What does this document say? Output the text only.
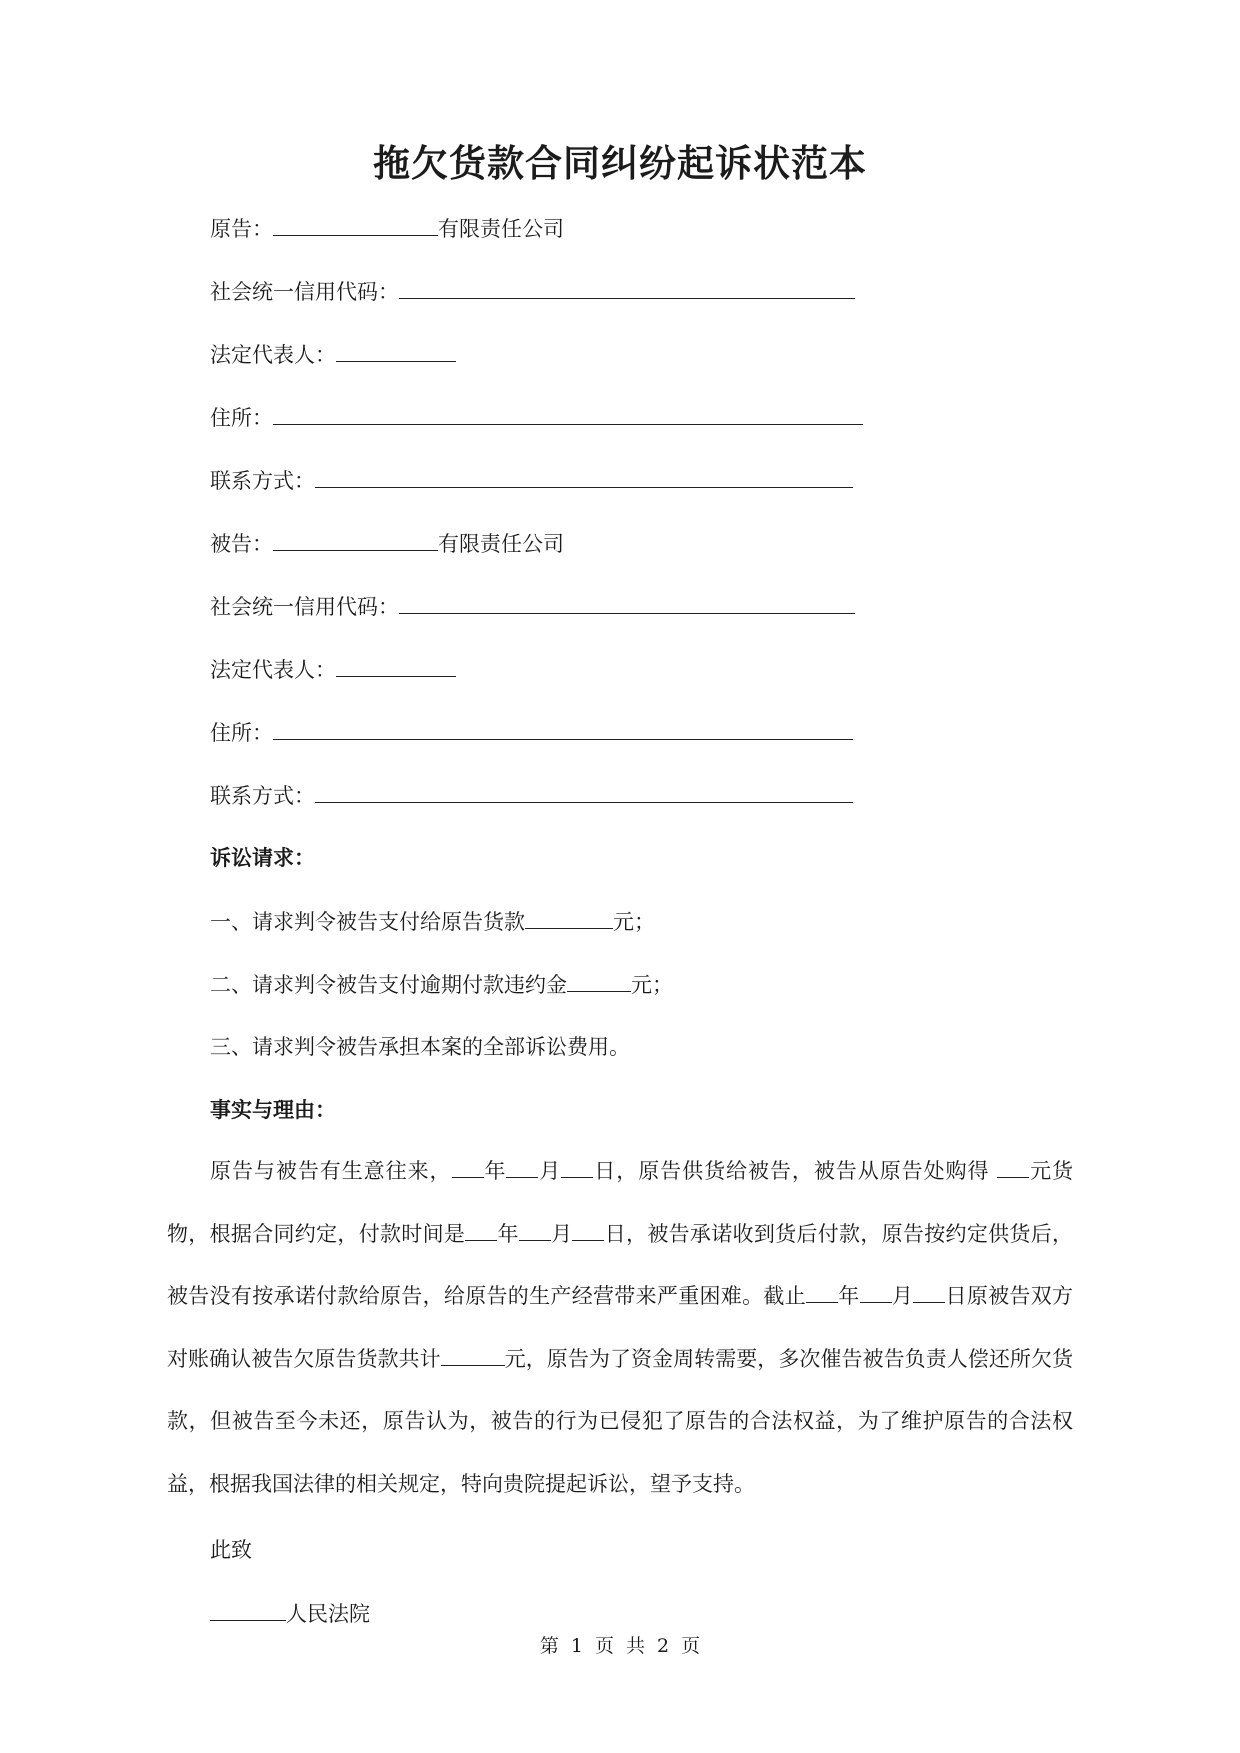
拖欠货款合同纠纷起诉状范本
原告：	有限责任公司
社会统一信用代码：
法定代表人：
住所：
联系方式：
被告：	有限责任公司
社会统一信用代码：
法定代表人：
住所：
联系方式：
诉讼请求：
一、请求判令被告支付给原告货款	元；
二、请求判令被告支付逾期付款违约金	元；
三、请求判令被告承担本案的全部诉讼费用。
事实与理由：
原告与被告有生意往来， 年 月 日，原告供货给被告，被告从原告处购得 元货物，根据合同约定，付款时间是 年 月 日，被告承诺收到货后付款，原告按约定供货后，被告没有按承诺付款给原告，给原告的生产经营带来严重困难。截止 年 月 日原被告双方对账确认被告欠原告货款共计	元，原告为了资金周转需要，多次催告被告负责人偿还所欠货款，但被告至今未还，原告认为，被告的行为已侵犯了原告的合法权益，为了维护原告的合法权益，根据我国法律的相关规定，特向贵院提起诉讼，望予支持。
此致
人民法院
第 1 页 共 2 页
